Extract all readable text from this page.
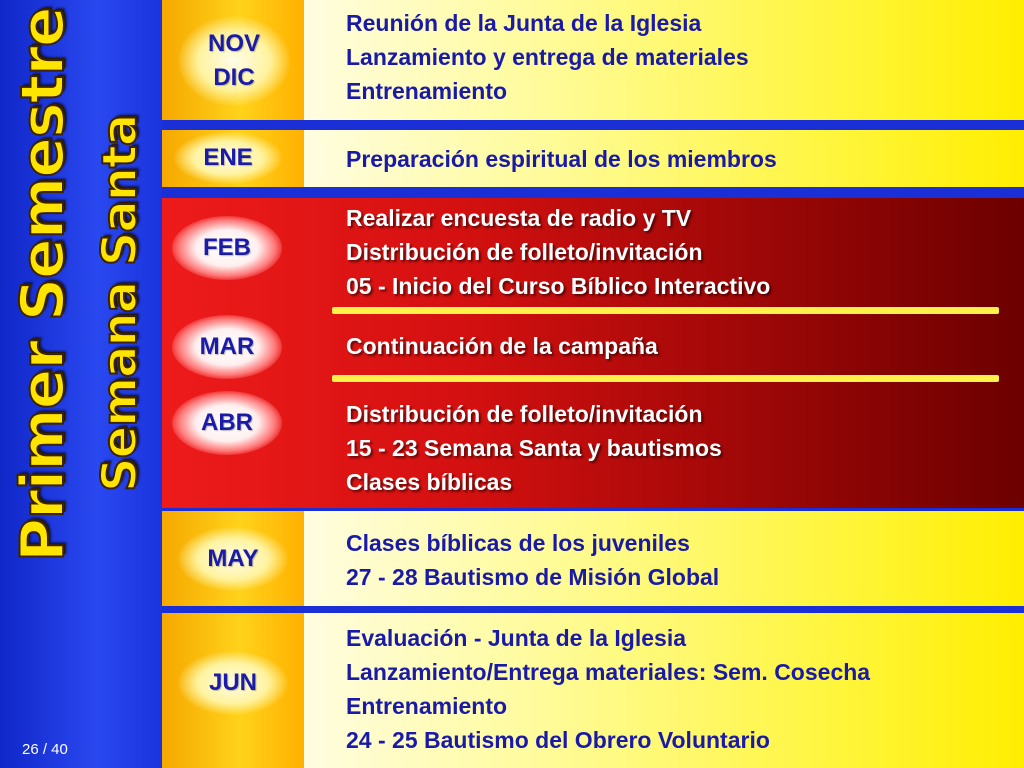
Primer Semestre Semana Santa
NOV
DIC
ENE
FEB
MAR
ABR
MAY
JUN
Reunión de la Junta de la Iglesia
Lanzamiento y entrega de materiales
Entrenamiento
Preparación espiritual de los miembros
Realizar encuesta de radio y TV
Distribución de folleto/invitación
05 - Inicio del Curso Bíblico Interactivo
Continuación de la campaña
Distribución de folleto/invitación
15 - 23 Semana Santa y bautismos
Clases bíblicas
Clases bíblicas de los juveniles
27 - 28 Bautismo de Misión Global
Evaluación - Junta de la Iglesia
Lanzamiento/Entrega materiales: Sem. Cosecha
Entrenamiento
24 - 25 Bautismo del Obrero Voluntario
26 / 40
